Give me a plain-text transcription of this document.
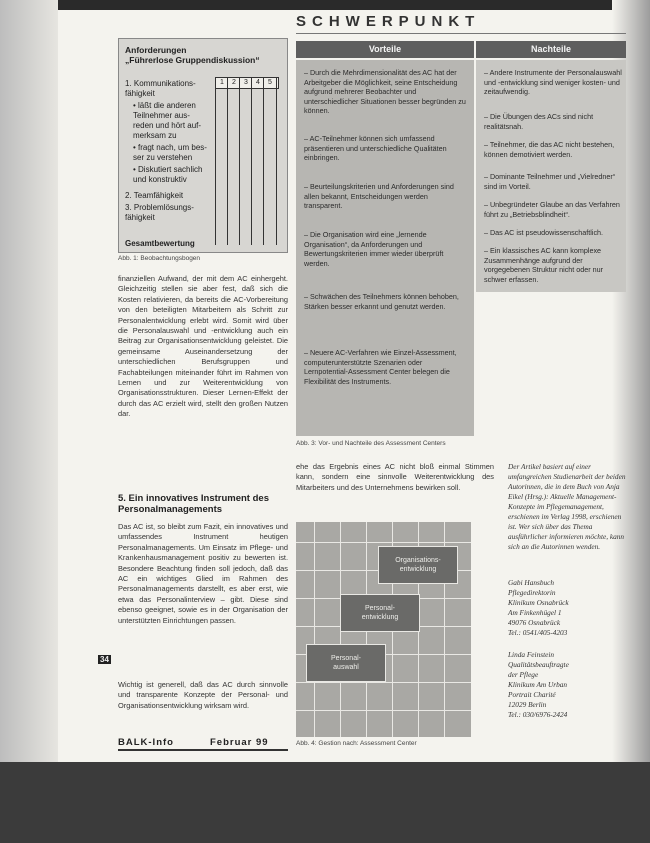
SCHWERPUNKT
Anforderungen
„Führerlose Gruppendiskussion“
1	2	3	4	5
1. Kommunikations-
fähigkeit
• läßt die anderen
Teilnehmer aus-
reden und hört auf-
merksam zu
• fragt nach, um bes-
ser zu verstehen
• Diskutiert sachlich
und konstruktiv
2. Teamfähigkeit
3. Problemlösungs-
fähigkeit
Gesamtbewertung
Abb. 1: Beobachtungsbogen
Vorteile	Nachteile
– Durch die Mehrdimensionalität des AC hat der Arbeitgeber die Möglichkeit, seine Entscheidung aufgrund mehrerer Beobachter und unterschiedlicher Situationen besser begründen zu können.
– AC-Teilnehmer können sich umfassend präsentieren und unterschiedliche Qualitäten einbringen.
– Beurteilungskriterien und Anforderungen sind allen bekannt, Entscheidungen werden transparent.
– Die Organisation wird eine „lernende Organisation“, da Anforderungen und Bewertungskriterien immer wieder überprüft werden.
– Schwächen des Teilnehmers können behoben, Stärken besser erkannt und genutzt werden.
– Neuere AC-Verfahren wie Einzel-Assessment, computerunterstützte Szenarien oder Lernpotential-Assessment Center belegen die Flexibilität des Instruments.
– Andere Instrumente der Personalauswahl und -entwicklung sind weniger kosten- und zeitaufwendig.
– Die Übungen des ACs sind nicht realitätsnah.
– Teilnehmer, die das AC nicht bestehen, können demotiviert werden.
– Dominante Teilnehmer und „Vielredner“ sind im Vorteil.
– Unbegründeter Glaube an das Verfahren führt zu „Betriebsblindheit“.
– Das AC ist pseudowissenschaftlich.
– Ein klassisches AC kann komplexe Zusammenhänge aufgrund der vorgegebenen Struktur nicht oder nur schwer erfassen.
Abb. 3: Vor- und Nachteile des Assessment Centers
finanziellen Aufwand, der mit dem AC einhergeht. Gleichzeitig stellen sie aber fest, daß sich die Kosten relativieren, da bereits die AC-Vorbereitung von den beteiligten Mitarbeitern als Schritt zur Personalentwicklung erlebt wird. Somit wird über die Personalauswahl und -entwicklung auch ein Beitrag zur Organisationsentwicklung geleistet. Die gemeinsame Auseinandersetzung der unterschiedlichen Berufsgruppen und Fachabteilungen miteinander führt im Rahmen von Lernen und zur Weiterentwicklung von Organisationsstrukturen. Dieser Lernen-Effekt der durch das AC erzielt wird, stellt den großen Nutzen dar.
5. Ein innovatives Instrument des Personalmanagements
Das AC ist, so bleibt zum Fazit, ein innovatives und umfassendes Instrument heutigen Personalmanagements. Um Einsatz im Pflege- und Krankenhausmanagement positiv zu bewerten ist. Besondere Beachtung finden soll jedoch, daß das AC ein wichtiges Glied im Rahmen des Personalmanagements darstellt, es aber erst, wie etwa das Personalinterview – gibt. Diese sind ebenso geeignet, sowie es in der Organisation der unterstützten Einrichtungen passen.
Wichtig ist generell, daß das AC durch sinnvolle und transparente Konzepte der Personal- und Organisationsentwicklung wirksam wird.
ehe das Ergebnis eines AC nicht bloß einmal Stimmen kann, sondern eine sinnvolle Weiterentwicklung des Mitarbeiters und des Unternehmens bewirken soll.
Organisations-
entwicklung
Personal-
entwicklung
Personal-
auswahl
Abb. 4: Gestion nach: Assessment Center
Der Artikel basiert auf einer umfangreichen Studienarbeit der beiden Autorinnen, die in dem Buch von Anja Eikel (Hrsg.): Aktuelle Management-Konzepte im Pflegemanagement, erschienen im Verlag 1998, erschienen ist. Wer sich über das Thema ausführlicher informieren möchte, kann sich an die Autorinnen wenden.
Gabi Hansbuch
Pflegedirektorin
Klinikum Osnabrück
Am Finkenhügel 1
49076 Osnabrück
Tel.: 0541/405-4203
Linda Feinstein
Qualitätsbeauftragte
der Pflege
Klinikum Am Urban
Portrait Charité
12029 Berlin
Tel.: 030/6976-2424
34
BALK-Info	Februar 99
